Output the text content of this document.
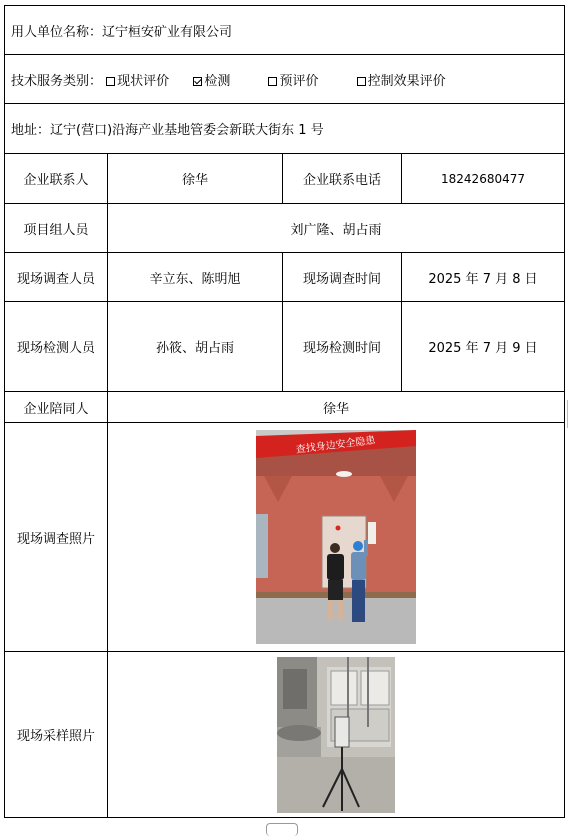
用人单位名称：辽宁桓安矿业有限公司			
技术服务类别： 现状评价 检测 预评价 控制效果评价			
地址：辽宁(营口)沿海产业基地管委会新联大街东 1 号			
企业联系人	徐华	企业联系电话	18242680477
项目组人员	刘广隆、胡占雨		
现场调查人员	辛立东、陈明旭	现场调查时间	2025 年 7 月 8 日
现场检测人员	孙筱、胡占雨	现场检测时间	2025 年 7 月 9 日
企业陪同人	徐华		
现场调查照片	查找身边安全隐患		

现场采样照片	
